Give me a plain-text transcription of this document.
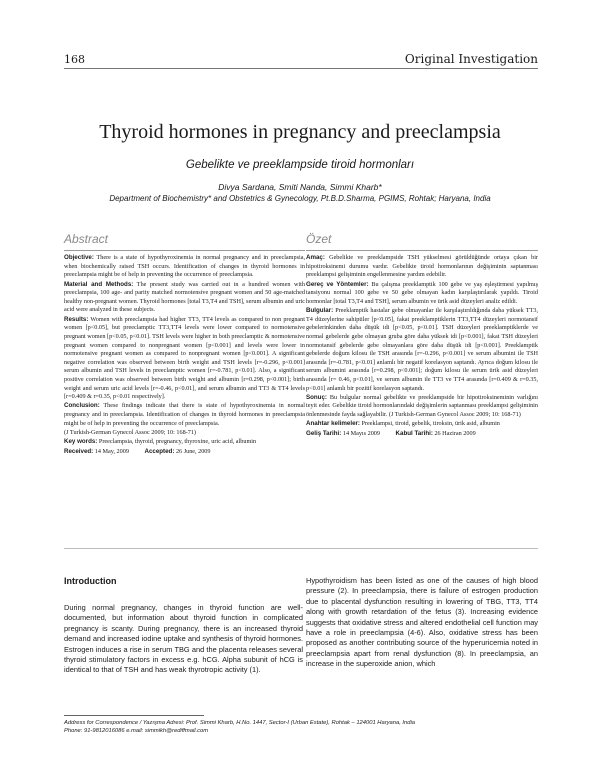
168	Original Investigation
Thyroid hormones in pregnancy and preeclampsia
Gebelikte ve preeklampside tiroid hormonları
Divya Sardana, Smiti Nanda, Simmi Kharb*
Department of Biochemistry* and Obstetrics & Gynecology, Pt.B.D.Sharma, PGIMS, Rohtak; Haryana, India
Abstract

Objective: There is a state of hypothyroxinemia in normal pregnancy and in preeclampsia, when biochemically raised TSH occurs. Identification of changes in thyroid hormones in preeclampsia might be of help in preventing the occurrence of preeclampsia.

Material and Methods: The present study was carried out in a hundred women with preeclampsia, 100 age- and parity matched normotensive pregnant women and 50 age-matched healthy non-pregnant women. Thyroid hormones [total T3,T4 and TSH], serum albumin and uric acid were analyzed in these subjects.

Results: Women with preeclampsia had higher TT3, TT4 levels as compared to non pregnant women [p<0.05], but preeclamptic TT3,TT4 levels were lower compared to normotensive pregnant women [p<0.05, p<0.01]. TSH levels were higher in both preeclamptic & normotensive pregnant women compared to nonpregnant women [p<0.001] and levels were lower in normotensive pregnant women as compared to nonpregnant women [p<0.001]. A significant negative correlation was observed between birth weight and TSH levels [r=-0.296, p<0.001] serum albumin and TSH levels in preeclamptic women [r=-0.781, p<0.01]. Also, a significant positive correlation was observed between birth weight and albumin [r=0.298, p<0.001]; birth weight and serum uric acid levels [r=-0.46, p<0.01], and serum albumin and TT3 & TT4 levels [r=0.409 & r=0.35, p<0.01 respectively].

Conclusion: These findings indicate that there is state of hypothyroxinemia in normal pregnancy and in preeclampsia. Identification of changes in thyroid hormones in preeclampsia might be of help in preventing the occurrence of preeclampsia.

(J Turkish-German Gynecol Assoc 2009; 10: 168-71)

Key words: Preeclampsia, thyroid, pregnancy, thyroxine, uric acid, albumin

Received: 14 May, 2009	Accepted: 26 June, 2009

Özet

Amaç: Gebelikte ve preeklampside TSH yükselmesi görüldüğünde ortaya çıkan bir hipotiroksinemi durumu vardır. Gebelikte tiroid hormonlarının değişiminin saptanması preeklampsi gelişiminin engellenmesine yardım edebilir.

Gereç ve Yöntemler: Bu çalışma preeklamptik 100 gebe ve yaş eşleştirmesi yapılmış tansiyonu normal 100 gebe ve 50 gebe olmayan kadın karşılaştırılarak yapıldı. Tiroid hormonlar [total T3,T4 and TSH], serum albumin ve ürik asid düzeyleri analiz edildi.

Bulgular: Preeklamptik hastalar gebe olmayanlar ile karşılaştırıldığında daha yüksek TT3, T4 düzeylerine sahiptiler [p<0.05], fakat preeklamptiklerin TT3,TT4 düzeyleri normotansif gebelerinkinden daha düşük idi [p<0.05, p<0.01]. TSH düzeyleri preeklamptiklerde ve normal gebelerde gebe olmayan gruba göre daha yüksek idi [p<0.001], fakat TSH düzeyleri normotansif gebelerde gebe olmayanlara göre daha düşük idi [p<0.001]. Preeklamptik gebelerde doğum kilosu ile TSH arasında [r=-0.296, p<0.001] ve serum albumini ile TSH arasında [r=-0.781, p<0.01] anlamlı bir negatif korelasyon saptandı. Ayrıca doğum kilosu ile serum albumini arasında [r=0.298, p<0.001]; doğum kilosu ile serum ürik asid düzeyleri arasında [r= 0.46, p<0.01], ve serum albumin ile TT3 ve TT4 arasında [r=0.409 & r=0.35, p<0.01] anlamlı bir pozitif korelasyon saptandı.

Sonuç: Bu bulgular normal gebelikte ve preeklampside bir hipotiroksineminin varlığını teyit eder. Gebelikte tiroid hormonlarındaki değişimlerin saptanması preeklampsi gelişiminin önlenmesinde fayda sağlayabilir. (J Turkish-German Gynecol Assoc 2009; 10: 168-71)

Anahtar kelimeler: Preeklampsi, tiroid, gebelik, tiroksin, ürik asid, albumin

Geliş Tarihi: 14 Mayıs 2009	Kabul Tarihi: 26 Haziran 2009

Introduction

During normal pregnancy, changes in thyroid function are well-documented, but information about thyroid function in complicated pregnancy is scanty. During pregnancy, there is an increased thyroid demand and increased iodine uptake and synthesis of thyroid hormones. Estrogen induces a rise in serum TBG and the placenta releases several thyroid stimulatory factors in excess e.g. hCG. Alpha subunit of hCG is identical to that of TSH and has weak thyrotropic activity (1).

Hypothyroidism has been listed as one of the causes of high blood pressure (2). In preeclampsia, there is failure of estrogen production due to placental dysfunction resulting in lowering of TBG, TT3, TT4 along with growth retardation of the fetus (3). Increasing evidence suggests that oxidative stress and altered endothelial cell function may have a role in preeclampsia (4-6). Also, oxidative stress has been proposed as another contributing source of the hyperuricemia noted in preeclampsia apart from renal dysfunction (8). In preeclampsia, an increase in the superoxide anion, which

Address for Correspondence / Yazışma Adresi: Prof. Simmi Kharb, H.No. 1447, Sector-I (Urban Estate), Rohtak – 124001 Haryana, India
Phone: 91-9812016086 e.mail: simmikh@rediffmail.com
